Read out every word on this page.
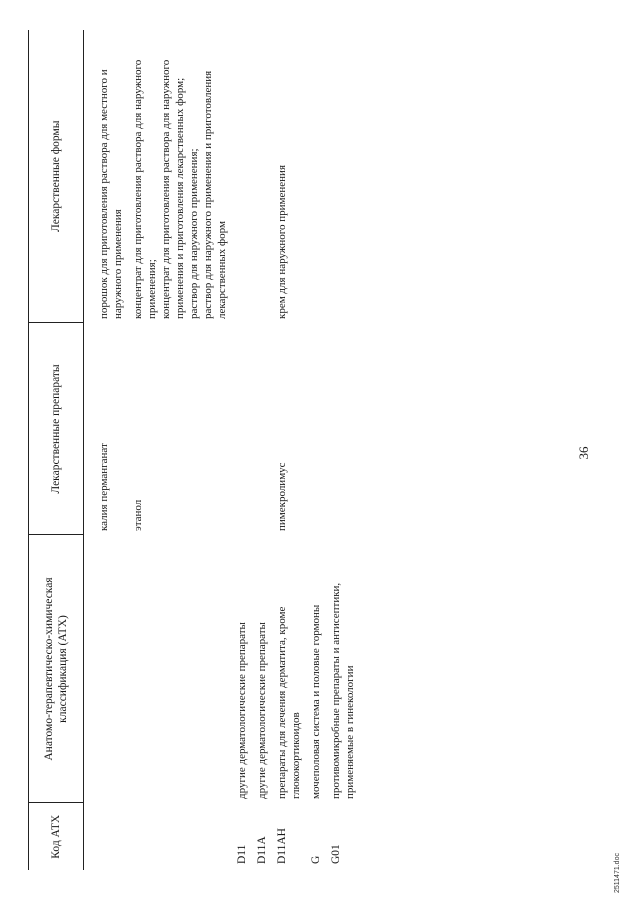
36
Код АТХ	Анатомо-терапевтическо-химическая классификация (АТХ)	Лекарственные препараты	Лекарственные формы

		калия перманганат	порошок для приготовления раствора для местного и наружного применения

		этанол	концентрат для приготовления раствора для наружного применения; концентрат для приготовления раствора для наружного применения и приготовления лекарственных форм; раствор для наружного применения; раствор для наружного применения и приготовления лекарственных форм

D11	другие дерматологические препараты		
D11A	другие дерматологические препараты		
D11AH	препараты для лечения дерматита, кроме глюкокортикоидов	пимекролимус	крем для наружного применения

G	мочеполовая система и половые гормоны		
G01	противомикробные препараты и антисептики, применяемые в гинекологии		
2511471.doc
